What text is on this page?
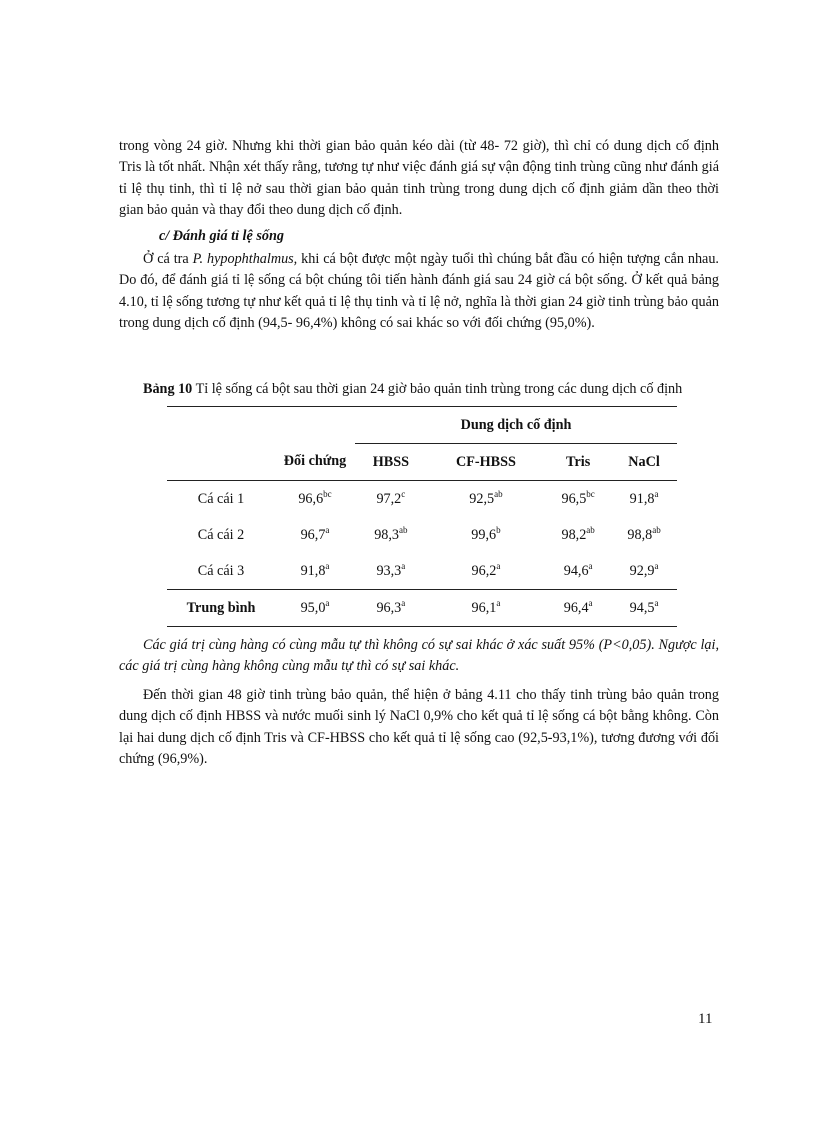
trong vòng 24 giờ. Nhưng khi thời gian bảo quản kéo dài (từ 48- 72 giờ), thì chỉ có dung dịch cố định Tris là tốt nhất. Nhận xét thấy rằng, tương tự như việc đánh giá sự vận động tinh trùng cũng như đánh giá tỉ lệ thụ tinh, thì tỉ lệ nở sau thời gian bảo quản tinh trùng trong dung dịch cố định giảm dần theo thời gian bảo quản và thay đổi theo dung dịch cố định.

c/ Đánh giá tỉ lệ sống

Ở cá tra P. hypophthalmus, khi cá bột được một ngày tuổi thì chúng bắt đầu có hiện tượng cắn nhau. Do đó, để đánh giá tỉ lệ sống cá bột chúng tôi tiến hành đánh giá sau 24 giờ cá bột sống. Ở kết quả bảng 4.10, tỉ lệ sống tương tự như kết quả tỉ lệ thụ tinh và tỉ lệ nở, nghĩa là thời gian 24 giờ tinh trùng bảo quản trong dung dịch cố định (94,5- 96,4%) không có sai khác so với đối chứng (95,0%).

Bảng 10 Tỉ lệ sống cá bột sau thời gian 24 giờ bảo quản tinh trùng trong các dung dịch cố định

		Dung dịch cố định			
	Đối chứng	HBSS	CF-HBSS	Tris	NaCl
Cá cái 1	96,6$^{bc}$	97,2$^c$	92,5$^{ab}$	96,5$^{bc}$	91,8$^a$
Cá cái 2	96,7$^a$	98,3$^{ab}$	99,6$^b$	98,2$^{ab}$	98,8$^{ab}$
Cá cái 3	91,8$^a$	93,3$^a$	96,2$^a$	94,6$^a$	92,9$^a$
Trung bình	95,0$^a$	96,3$^a$	96,1$^a$	96,4$^a$	94,5$^a$

Các giá trị cùng hàng có cùng mẫu tự thì không có sự sai khác ở xác suất 95% (P<0,05). Ngược lại, các giá trị cùng hàng không cùng mẫu tự thì có sự sai khác.

Đến thời gian 48 giờ tinh trùng bảo quản, thể hiện ở bảng 4.11 cho thấy tinh trùng bảo quản trong dung dịch cố định HBSS và nước muối sinh lý NaCl 0,9% cho kết quả tỉ lệ sống cá bột bằng không. Còn lại hai dung dịch cố định Tris và CF-HBSS cho kết quả tỉ lệ sống cao (92,5-93,1%), tương đương với đối chứng (96,9%).

11
